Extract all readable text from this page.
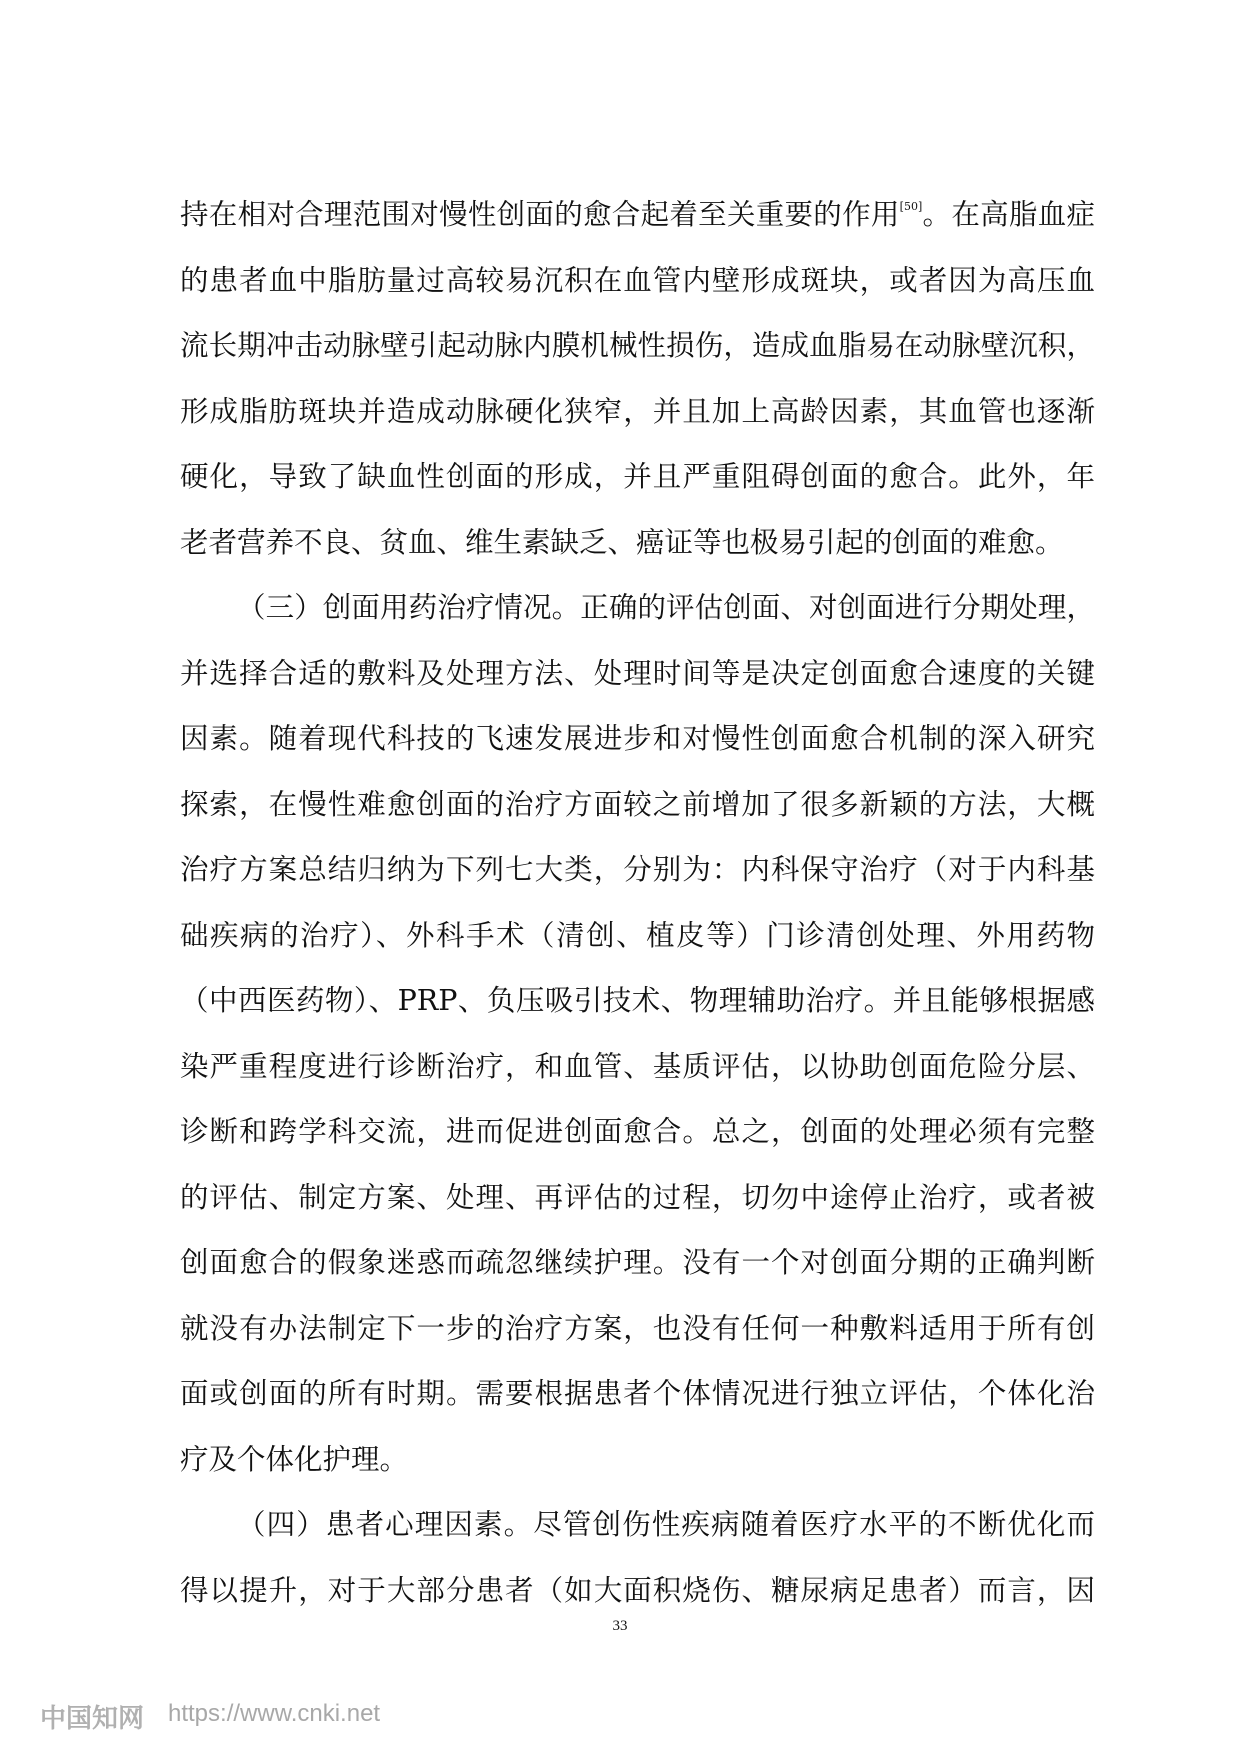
持在相对合理范围对慢性创面的愈合起着至关重要的作用[50]。在高脂血症
的患者血中脂肪量过高较易沉积在血管内壁形成斑块，或者因为高压血
流长期冲击动脉壁引起动脉内膜机械性损伤，造成血脂易在动脉壁沉积，
形成脂肪斑块并造成动脉硬化狭窄，并且加上高龄因素，其血管也逐渐
硬化，导致了缺血性创面的形成，并且严重阻碍创面的愈合。此外，年
老者营养不良、贫血、维生素缺乏、癌证等也极易引起的创面的难愈。
（三）创面用药治疗情况。正确的评估创面、对创面进行分期处理，
并选择合适的敷料及处理方法、处理时间等是决定创面愈合速度的关键
因素。随着现代科技的飞速发展进步和对慢性创面愈合机制的深入研究
探索，在慢性难愈创面的治疗方面较之前增加了很多新颖的方法，大概
治疗方案总结归纳为下列七大类，分别为：内科保守治疗（对于内科基
础疾病的治疗）、外科手术（清创、植皮等）门诊清创处理、外用药物
（中西医药物）、PRP、负压吸引技术、物理辅助治疗。并且能够根据感
染严重程度进行诊断治疗，和血管、基质评估，以协助创面危险分层、
诊断和跨学科交流，进而促进创面愈合。总之，创面的处理必须有完整
的评估、制定方案、处理、再评估的过程，切勿中途停止治疗，或者被
创面愈合的假象迷惑而疏忽继续护理。没有一个对创面分期的正确判断
就没有办法制定下一步的治疗方案，也没有任何一种敷料适用于所有创
面或创面的所有时期。需要根据患者个体情况进行独立评估，个体化治
疗及个体化护理。
（四）患者心理因素。尽管创伤性疾病随着医疗水平的不断优化而
得以提升，对于大部分患者（如大面积烧伤、糖尿病足患者）而言，因
33
中国知网 https://www.cnki.net
